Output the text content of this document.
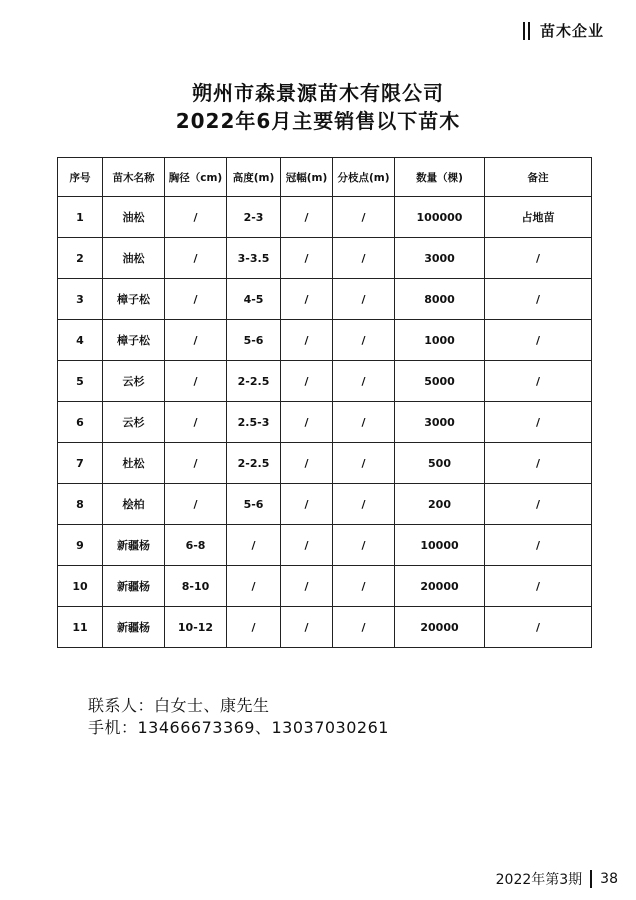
苗木企业
朔州市森景源苗木有限公司
2022年6月主要销售以下苗木
序号	苗木名称	胸径（cm)	高度(m)	冠幅(m)	分枝点(m)	数量（棵)	备注
1	油松	/	2-3	/	/	100000	占地苗
2	油松	/	3-3.5	/	/	3000	/
3	樟子松	/	4-5	/	/	8000	/
4	樟子松	/	5-6	/	/	1000	/
5	云杉	/	2-2.5	/	/	5000	/
6	云杉	/	2.5-3	/	/	3000	/
7	杜松	/	2-2.5	/	/	500	/
8	桧柏	/	5-6	/	/	200	/
9	新疆杨	6-8	/	/	/	10000	/
10	新疆杨	8-10	/	/	/	20000	/
11	新疆杨	10-12	/	/	/	20000	/
联系人：白女士、康先生
手机：13466673369、13037030261
2022年第3期 38
